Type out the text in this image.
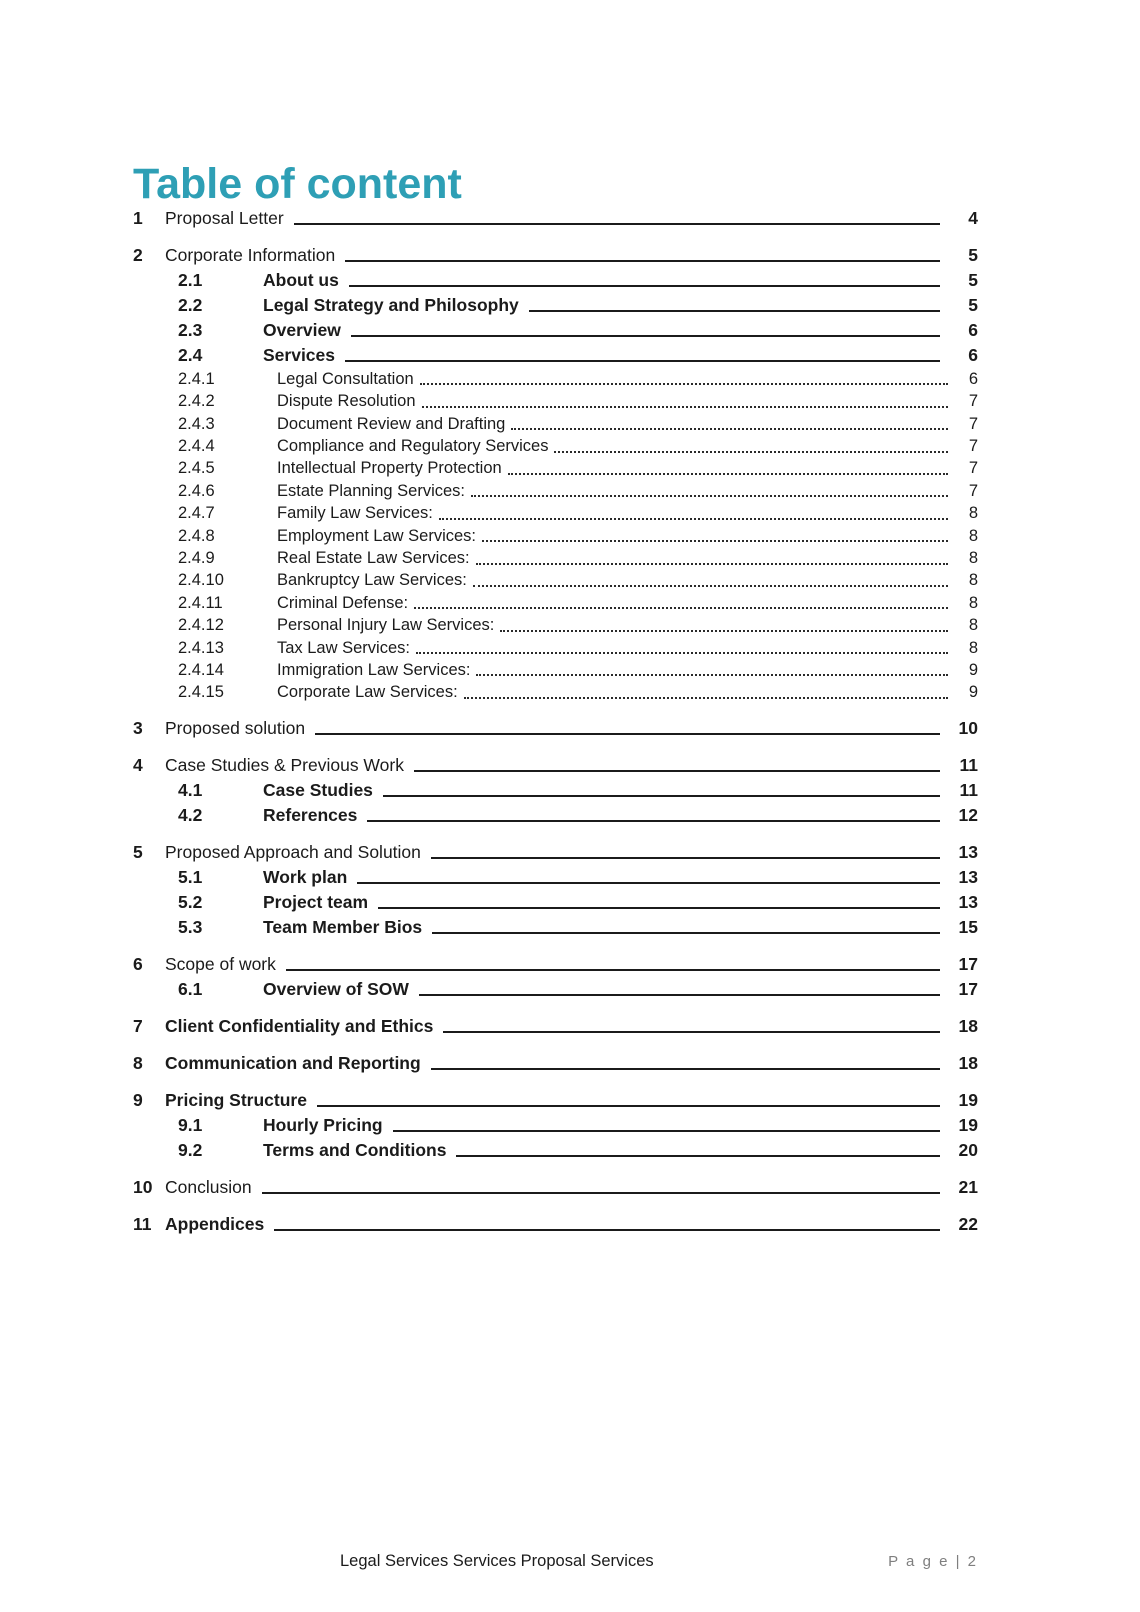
Table of content
1	Proposal Letter	4
2	Corporate Information	5
2.1	About us	5
2.2	Legal Strategy and Philosophy	5
2.3	Overview	6
2.4	Services	6
2.4.1	Legal Consultation	6
2.4.2	Dispute Resolution	7
2.4.3	Document Review and Drafting	7
2.4.4	Compliance and Regulatory Services	7
2.4.5	Intellectual Property Protection	7
2.4.6	Estate Planning Services:	7
2.4.7	Family Law Services:	8
2.4.8	Employment Law Services:	8
2.4.9	Real Estate Law Services:	8
2.4.10	Bankruptcy Law Services:	8
2.4.11	Criminal Defense:	8
2.4.12	Personal Injury Law Services:	8
2.4.13	Tax Law Services:	8
2.4.14	Immigration Law Services:	9
2.4.15	Corporate Law Services:	9
3	Proposed solution	10
4	Case Studies & Previous Work	11
4.1	Case Studies	11
4.2	References	12
5	Proposed Approach and Solution	13
5.1	Work plan	13
5.2	Project team	13
5.3	Team Member Bios	15
6	Scope of work	17
6.1	Overview of SOW	17
7	Client Confidentiality and Ethics	18
8	Communication and Reporting	18
9	Pricing Structure	19
9.1	Hourly Pricing	19
9.2	Terms and Conditions	20
10 Conclusion	21
11 Appendices	22
Legal Services Services Proposal Services	P a g e | 2
